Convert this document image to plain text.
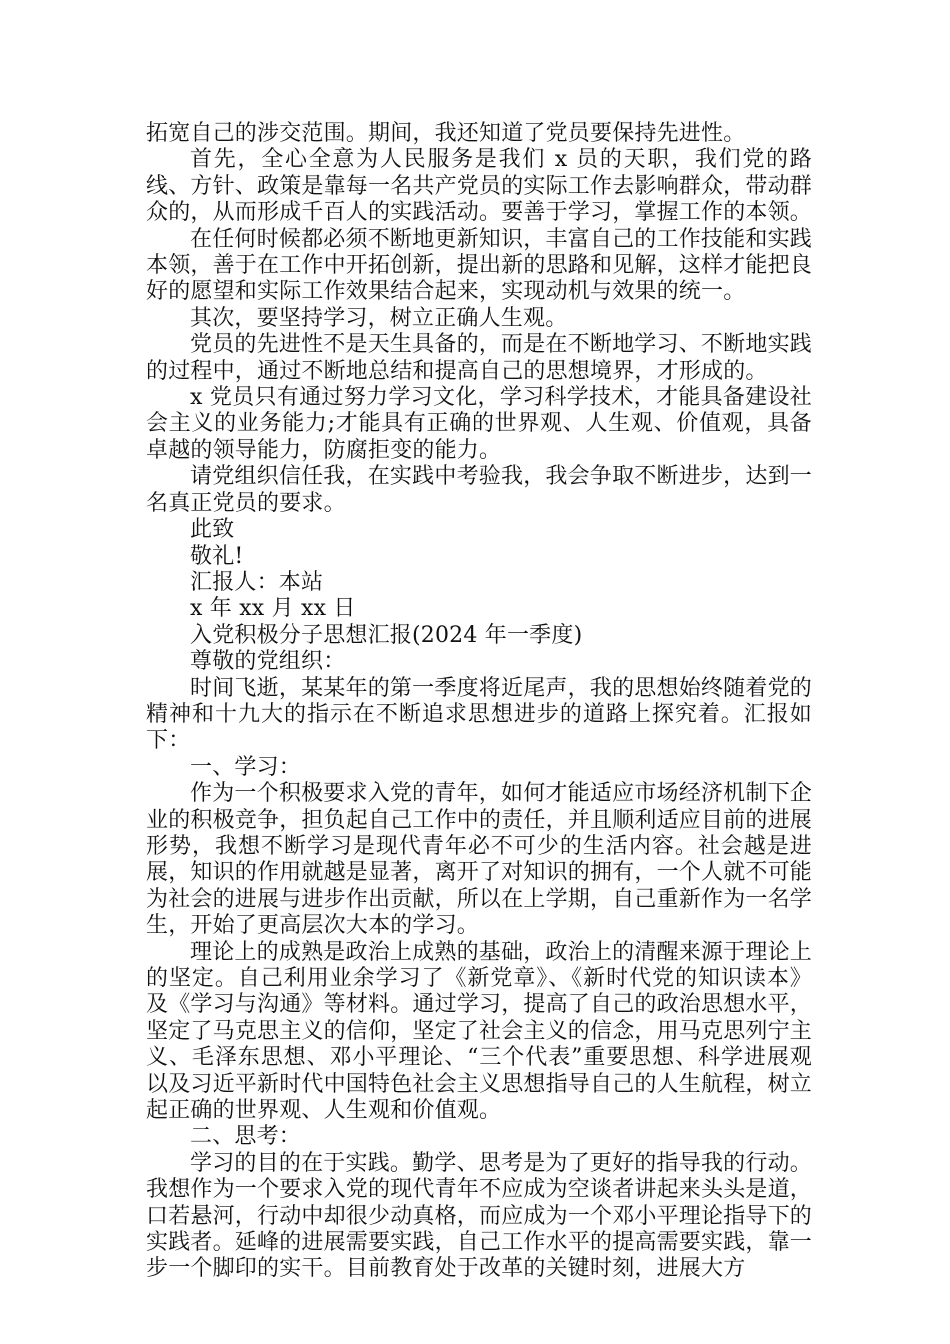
拓宽自己的涉交范围。期间，我还知道了党员要保持先进性。

首先，全心全意为人民服务是我们 x 员的天职，我们党的路线、方针、政策是靠每一名共产党员的实际工作去影响群众，带动群众的，从而形成千百人的实践活动。要善于学习，掌握工作的本领。

在任何时候都必须不断地更新知识，丰富自己的工作技能和实践本领，善于在工作中开拓创新，提出新的思路和见解，这样才能把良好的愿望和实际工作效果结合起来，实现动机与效果的统一。

其次，要坚持学习，树立正确人生观。

党员的先进性不是天生具备的，而是在不断地学习、不断地实践的过程中，通过不断地总结和提高自己的思想境界，才形成的。

x 党员只有通过努力学习文化，学习科学技术，才能具备建设社会主义的业务能力;才能具有正确的世界观、人生观、价值观，具备卓越的领导能力，防腐拒变的能力。

请党组织信任我，在实践中考验我，我会争取不断进步，达到一名真正党员的要求。

此致

敬礼!

汇报人：本站

x 年 xx 月 xx 日

入党积极分子思想汇报(2024 年一季度)

尊敬的党组织：

时间飞逝，某某年的第一季度将近尾声，我的思想始终随着党的精神和十九大的指示在不断追求思想进步的道路上探究着。汇报如下：

一、学习：

作为一个积极要求入党的青年，如何才能适应市场经济机制下企业的积极竞争，担负起自己工作中的责任，并且顺利适应目前的进展形势，我想不断学习是现代青年必不可少的生活内容。社会越是进展，知识的作用就越是显著，离开了对知识的拥有，一个人就不可能为社会的进展与进步作出贡献，所以在上学期，自己重新作为一名学生，开始了更高层次大本的学习。

理论上的成熟是政治上成熟的基础，政治上的清醒来源于理论上的坚定。自己利用业余学习了《新党章》、《新时代党的知识读本》及《学习与沟通》等材料。通过学习，提高了自己的政治思想水平，坚定了马克思主义的信仰，坚定了社会主义的信念，用马克思列宁主义、毛泽东思想、邓小平理论、“三个代表”重要思想、科学进展观以及习近平新时代中国特色社会主义思想指导自己的人生航程，树立起正确的世界观、人生观和价值观。

二、思考：

学习的目的在于实践。勤学、思考是为了更好的指导我的行动。我想作为一个要求入党的现代青年不应成为空谈者讲起来头头是道，口若悬河，行动中却很少动真格，而应成为一个邓小平理论指导下的实践者。延峰的进展需要实践，自己工作水平的提高需要实践，靠一步一个脚印的实干。目前教育处于改革的关键时刻，进展大方
